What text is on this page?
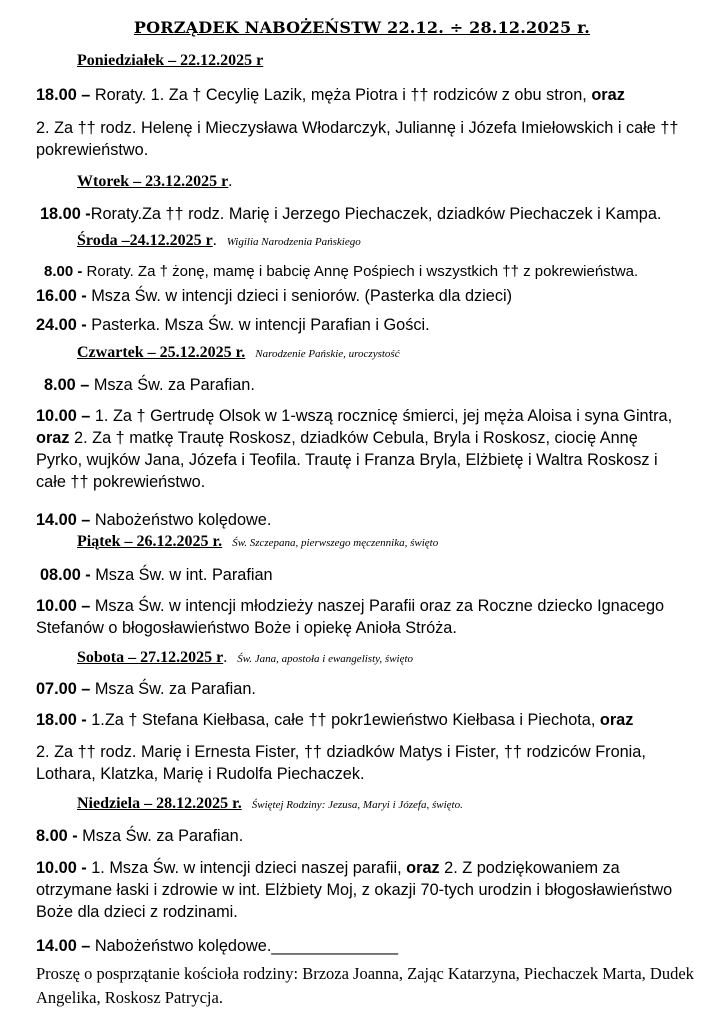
PORZĄDEK NABOŻEŃSTW 22.12. ÷ 28.12.2025 r.
Poniedziałek – 22.12.2025 r
18.00 – Roraty. 1. Za † Cecylię Lazik, męża Piotra i †† rodziców z obu stron, oraz
2. Za †† rodz. Helenę i Mieczysława Włodarczyk, Juliannę i Józefa Imiełowskich i całe †† pokrewieństwo.
Wtorek – 23.12.2025 r.
18.00 -Roraty.Za †† rodz. Marię i Jerzego Piechaczek, dziadków Piechaczek i Kampa.
Środa –24.12.2025 r. Wigilia Narodzenia Pańskiego
8.00 - Roraty. Za † żonę, mamę i babcię Annę Pośpiech i wszystkich †† z pokrewieństwa.
16.00 - Msza Św. w intencji dzieci i seniorów. (Pasterka dla dzieci)
24.00 - Pasterka. Msza Św. w intencji Parafian i Gości.
Czwartek – 25.12.2025 r. Narodzenie Pańskie, uroczystość
8.00 – Msza Św. za Parafian.
10.00 – 1. Za † Gertrudę Olsok w 1-wszą rocznicę śmierci, jej męża Aloisa i syna Gintra, oraz 2. Za † matkę Trautę Roskosz, dziadków Cebula, Bryla i Roskosz, ciocię Annę Pyrko, wujków Jana, Józefa i Teofila. Trautę i Franza Bryla, Elżbietę i Waltra Roskosz i całe †† pokrewieństwo.
14.00 – Nabożeństwo kolędowe.
Piątek – 26.12.2025 r. Św. Szczepana, pierwszego męczennika, święto
08.00 - Msza Św. w int. Parafian
10.00 – Msza Św. w intencji młodzieży naszej Parafii oraz za Roczne dziecko Ignacego Stefanów o błogosławieństwo Boże i opiekę Anioła Stróża.
Sobota – 27.12.2025 r. Św. Jana, apostoła i ewangelisty, święto
07.00 – Msza Św. za Parafian.
18.00 - 1.Za † Stefana Kiełbasa, całe †† pokr1ewieństwo Kiełbasa i Piechota, oraz
2. Za †† rodz. Marię i Ernesta Fister, †† dziadków Matys i Fister, †† rodziców Fronia, Lothara, Klatzka, Marię i Rudolfa Piechaczek.
Niedziela – 28.12.2025 r. Świętej Rodziny: Jezusa, Maryi i Józefa, święto.
8.00 - Msza Św. za Parafian.
10.00 - 1. Msza Św. w intencji dzieci naszej parafii, oraz 2. Z podziękowaniem za otrzymane łaski i zdrowie w int. Elżbiety Moj, z okazji 70-tych urodzin i błogosławieństwo Boże dla dzieci z rodzinami.
14.00 – Nabożeństwo kolędowe.______________
Proszę o posprzątanie kościoła rodziny: Brzoza Joanna, Zając Katarzyna, Piechaczek Marta, Dudek Angelika, Roskosz Patrycja.
